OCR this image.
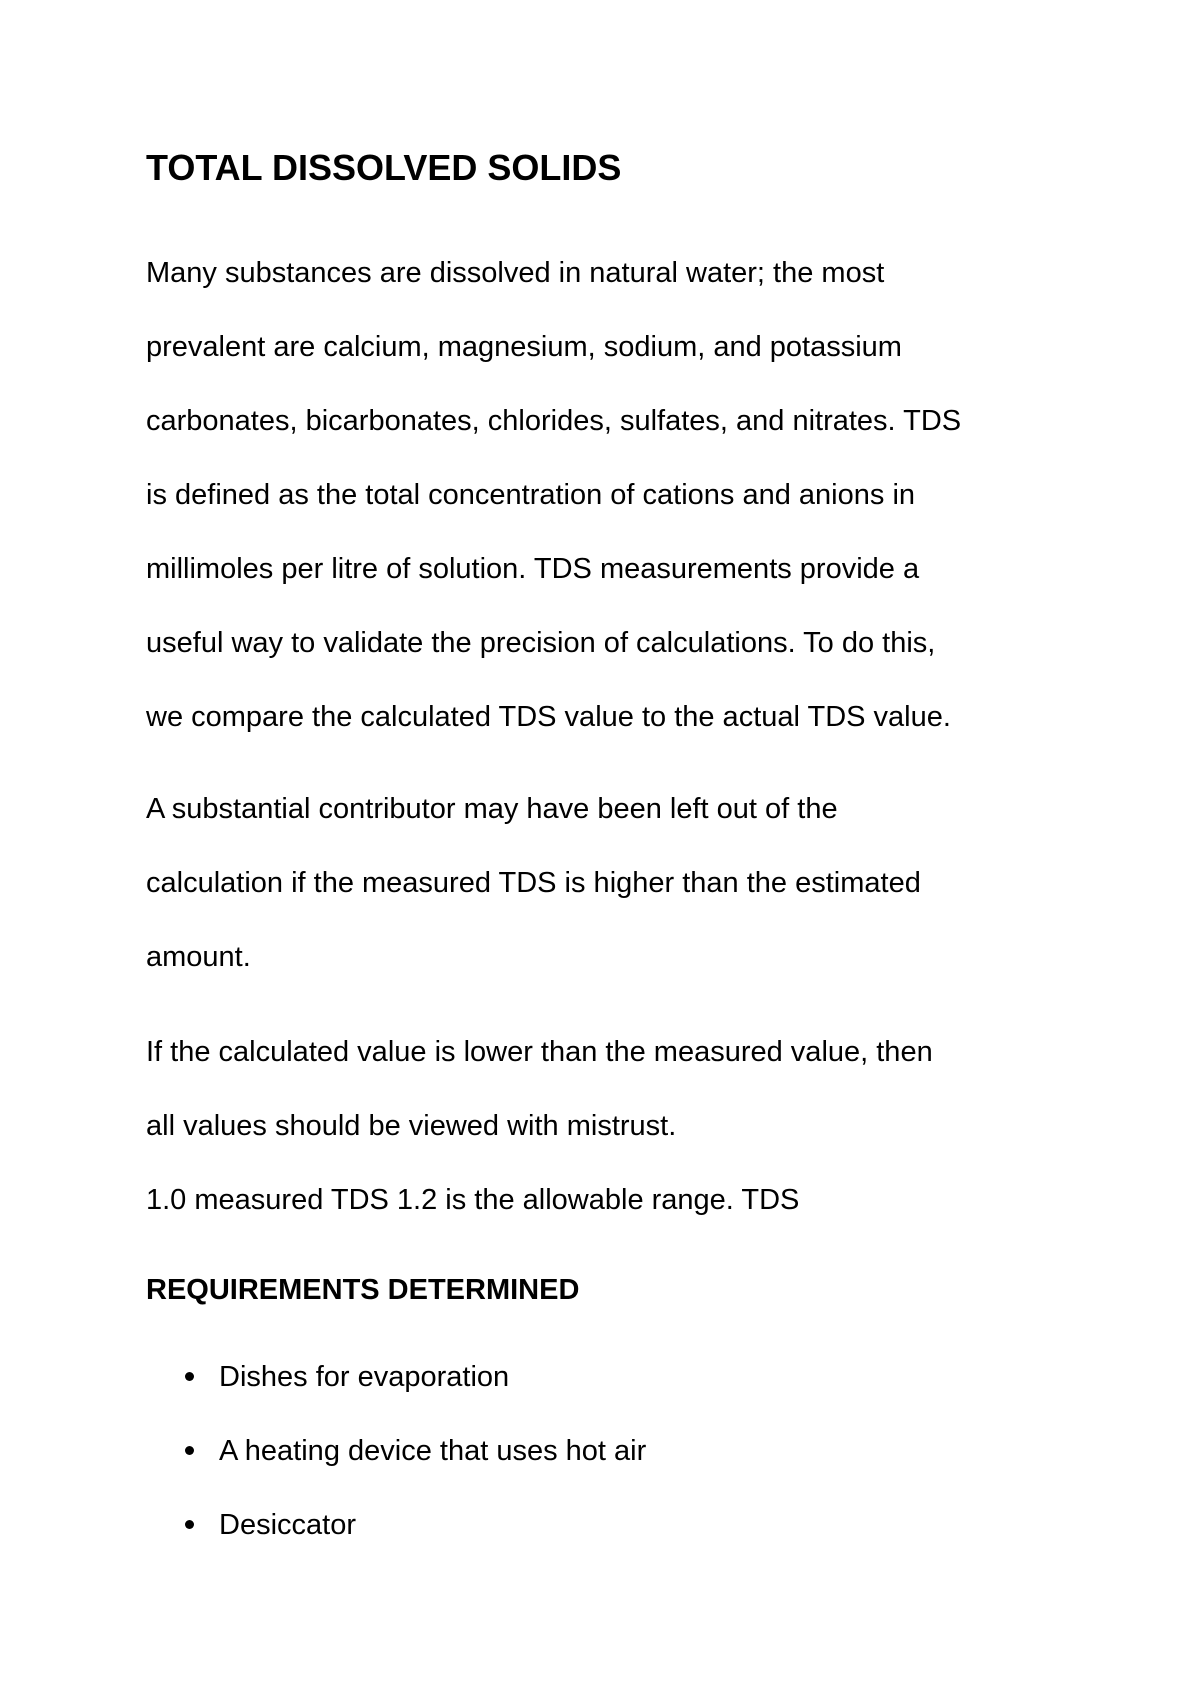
TOTAL DISSOLVED SOLIDS

Many substances are dissolved in natural water; the most
prevalent are calcium, magnesium, sodium, and potassium
carbonates, bicarbonates, chlorides, sulfates, and nitrates. TDS
is defined as the total concentration of cations and anions in
millimoles per litre of solution. TDS measurements provide a
useful way to validate the precision of calculations. To do this,
we compare the calculated TDS value to the actual TDS value.

A substantial contributor may have been left out of the
calculation if the measured TDS is higher than the estimated
amount.

If the calculated value is lower than the measured value, then
all values should be viewed with mistrust.

1.0 measured TDS 1.2 is the allowable range. TDS

REQUIREMENTS DETERMINED
Dishes for evaporation
A heating device that uses hot air
Desiccator
